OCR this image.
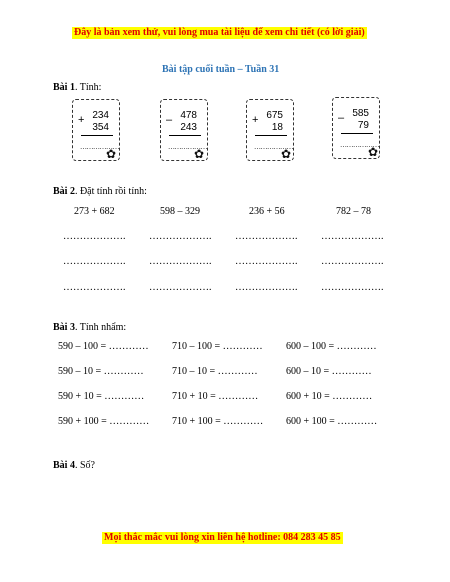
Đây là bản xem thử, vui lòng mua tài liệu để xem chi tiết (có lời giải)
Bài tập cuối tuần – Tuần 31
Bài 1. Tính:
+ 234
354
………………
✿
– 478
243
………………
✿
+ 675
18
………………
✿
– 585
79
………………
✿
Bài 2. Đặt tính rồi tính:
273 + 682	598 – 329	236 + 56	782 – 78
………………. ………………. ………………. ……………….
………………. ………………. ………………. ……………….
………………. ………………. ………………. ……………….
Bài 3. Tính nhẩm:
590 – 100 = ………… 710 – 100 = ………… 600 – 100 = …………
590 – 10 = …………	710 – 10 = …………	600 – 10 = …………
590 + 10 = …………	710 + 10 = …………	600 + 10 = …………
590 + 100 = ………… 710 + 100 = ………… 600 + 100 = …………
Bài 4. Số?
Mọi thắc mắc vui lòng xin liên hệ hotline: 084 283 45 85
